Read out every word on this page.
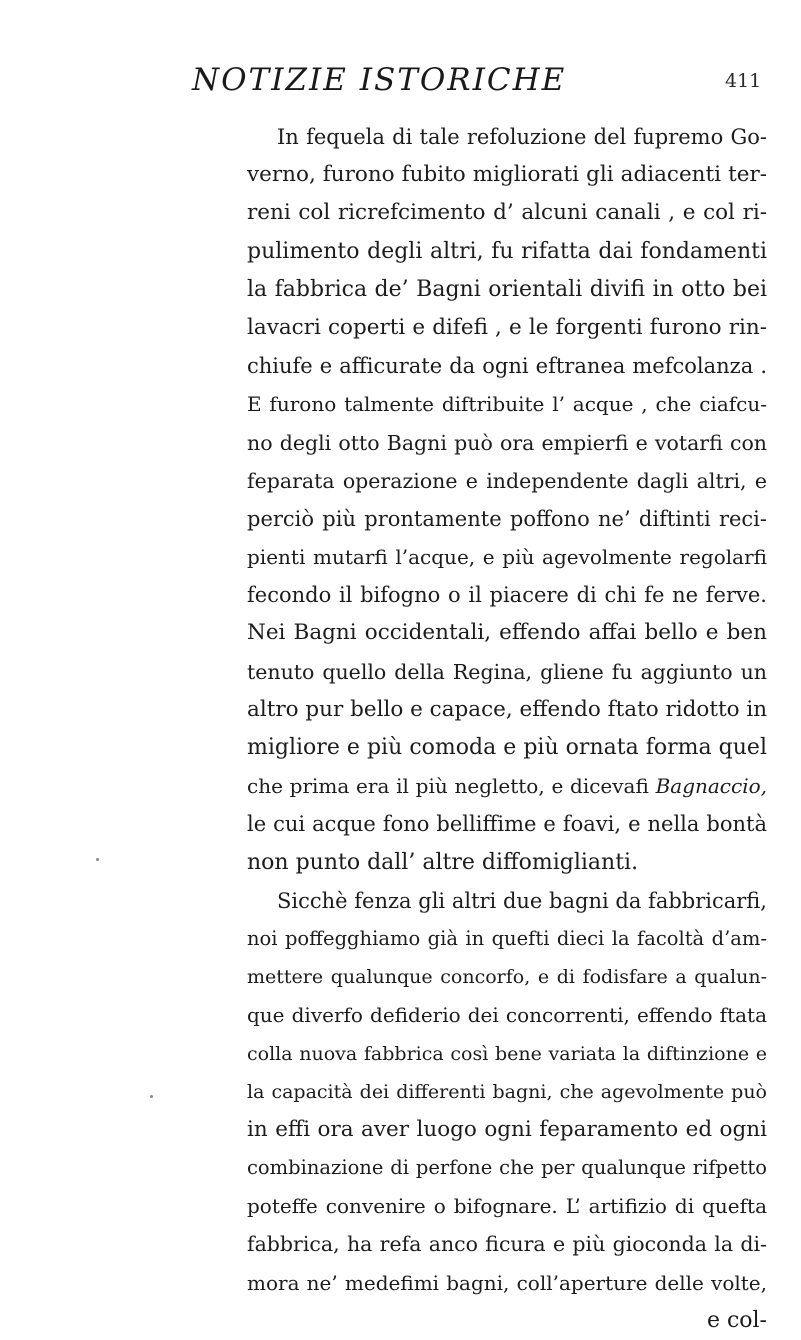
NOTIZIE ISTORICHE	411
In fequela di tale refoluzione del fupremo Go-
verno, furono fubito migliorati gli adiacenti ter-
reni col ricrefcimento d’ alcuni canali , e col ri-
pulimento degli altri, fu rifatta dai fondamenti
la fabbrica de’ Bagni orientali divifi in otto bei
lavacri coperti e difefi , e le forgenti furono rin-
chiufe e afficurate da ogni eftranea mefcolanza .
E furono talmente diftribuite l’ acque , che ciafcu-
no degli otto Bagni può ora empierfi e votarfi con
feparata operazione e independente dagli altri, e
perciò più prontamente poffono ne’ diftinti reci-
pienti mutarfi l’acque, e più agevolmente regolarfi
fecondo il bifogno o il piacere di chi fe ne ferve.
Nei Bagni occidentali, effendo affai bello e ben
tenuto quello della Regina, gliene fu aggiunto un
altro pur bello e capace, effendo ftato ridotto in
migliore e più comoda e più ornata forma quel
che prima era il più negletto, e dicevafi Bagnaccio,
le cui acque fono belliffime e foavi, e nella bontà
non punto dall’ altre diffomiglianti.
Sicchè fenza gli altri due bagni da fabbricarfi,
noi poffegghiamo già in quefti dieci la facoltà d’am-
mettere qualunque concorfo, e di fodisfare a qualun-
que diverfo defiderio dei concorrenti, effendo ftata
colla nuova fabbrica così bene variata la diftinzione e
la capacità dei differenti bagni, che agevolmente può
in effi ora aver luogo ogni feparamento ed ogni
combinazione di perfone che per qualunque rifpetto
poteffe convenire o bifognare. L’ artifizio di quefta
fabbrica, ha refa anco ficura e più gioconda la di-
mora ne’ medefimi bagni, coll’aperture delle volte,
e col-
